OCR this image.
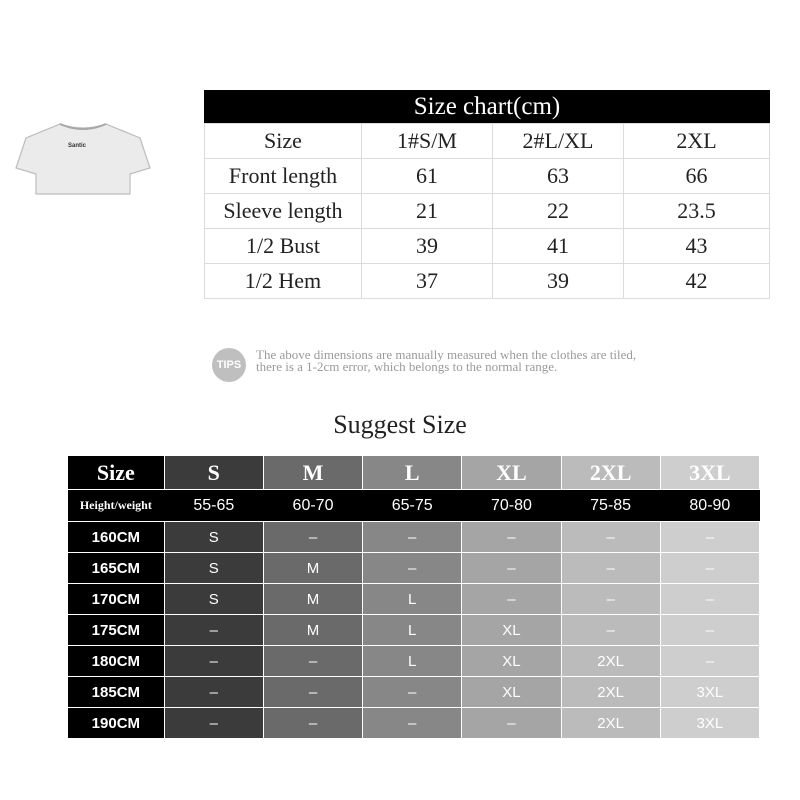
Santic
Size chart(cm)
Size	1#S/M	2#L/XL	2XL
Front length	61	63	66
Sleeve length	21	22	23.5
1/2 Bust	39	41	43
1/2 Hem	37	39	42
TIPS
The above dimensions are manually measured when the clothes are tiled,
there is a 1-2cm error, which belongs to the normal range.
Suggest Size
Size	S	M	L	XL	2XL	3XL
Height/weight	55-65	60-70	65-75	70-80	75-85	80-90
160CM	S	–	–	–	–	–
165CM	S	M	–	–	–	–
170CM	S	M	L	–	–	–
175CM	–	M	L	XL	–	–
180CM	–	–	L	XL	2XL	–
185CM	–	–	–	XL	2XL	3XL
190CM	–	–	–	–	2XL	3XL
